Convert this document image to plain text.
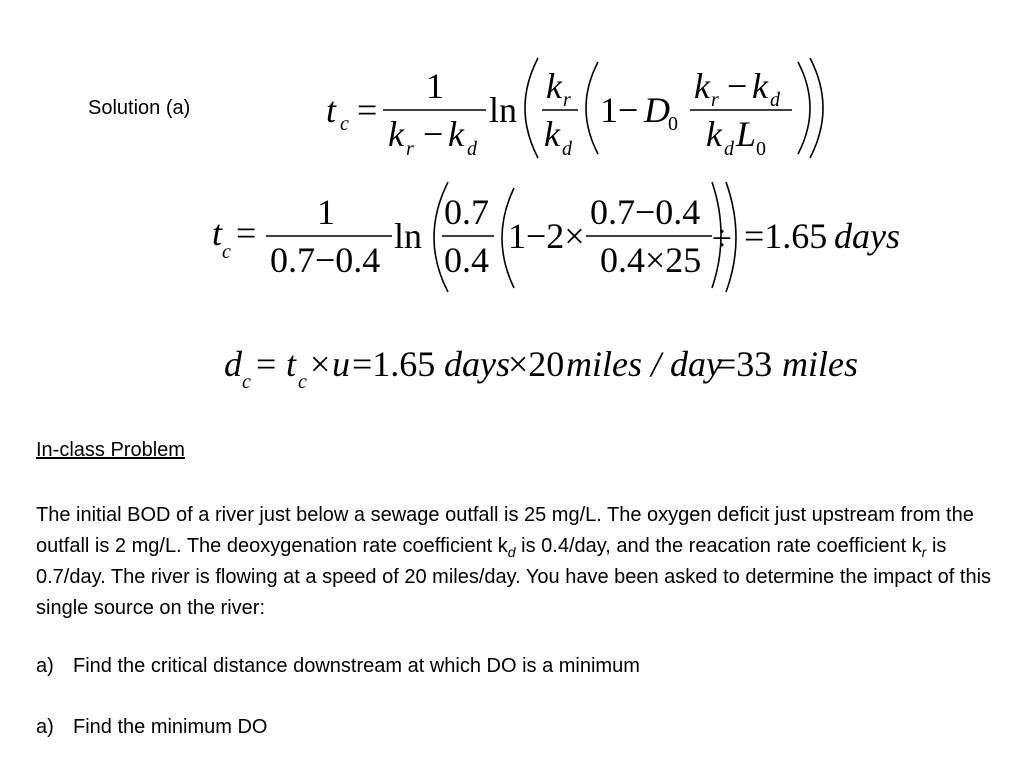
Solution (a)	t c =
1
k r − k d
ln
k r
k d
1− D
0
k r − k d
k d L 0
t c =
1
0.7−0.4
ln
0.7
0.4
1−2×
0.7−0.4
0.4×25
÷ =1.65 days
d c = t c × u =1.65 days
×20 miles / day
=33 miles
In-class Problem
The initial BOD of a river just below a sewage outfall is 25 mg/L. The oxygen deficit just upstream from the outfall is 2 mg/L. The deoxygenation rate coefficient $k_d$ is 0.4/day, and the reacation rate coefficient $k_r$ is 0.7/day. The river is flowing at a speed of 20 miles/day. You have been asked to determine the impact of this single source on the river:
a) Find the critical distance downstream at which DO is a minimum
a) Find the minimum DO
